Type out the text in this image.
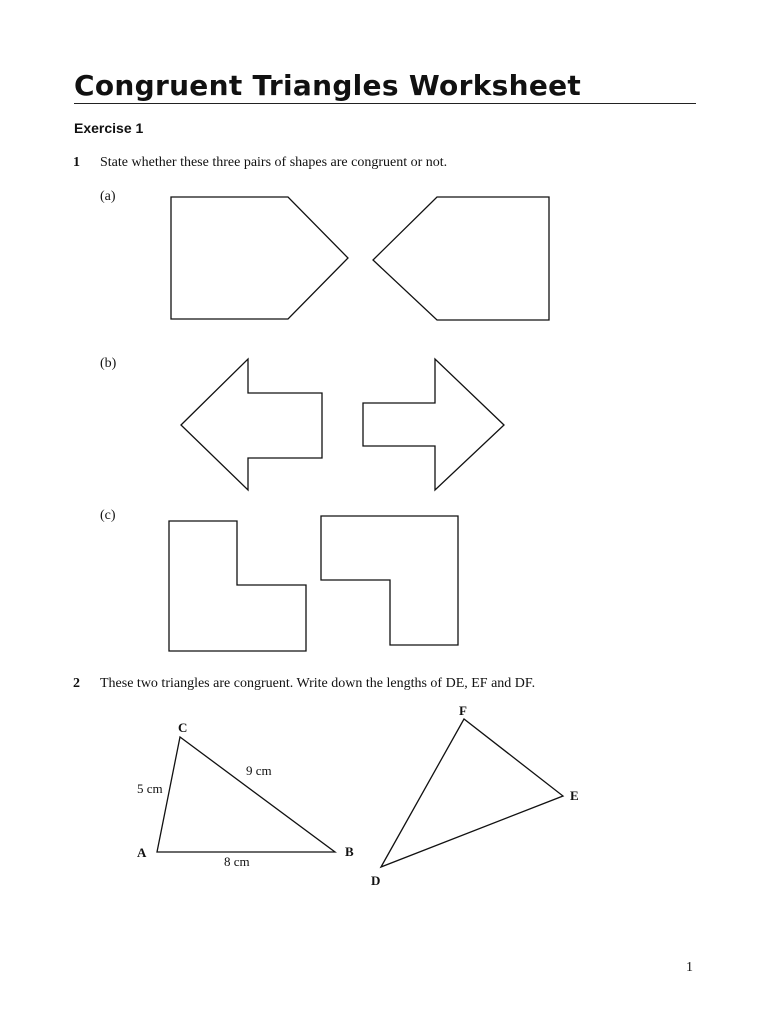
Congruent Triangles Worksheet
Exercise 1
1 State whether these three pairs of shapes are congruent or not.
(a)
(b)
(c)
A	B
C
5 cm
9 cm
8 cm
D
E
F
2 These two triangles are congruent. Write down the lengths of DE, EF and DF.
1
